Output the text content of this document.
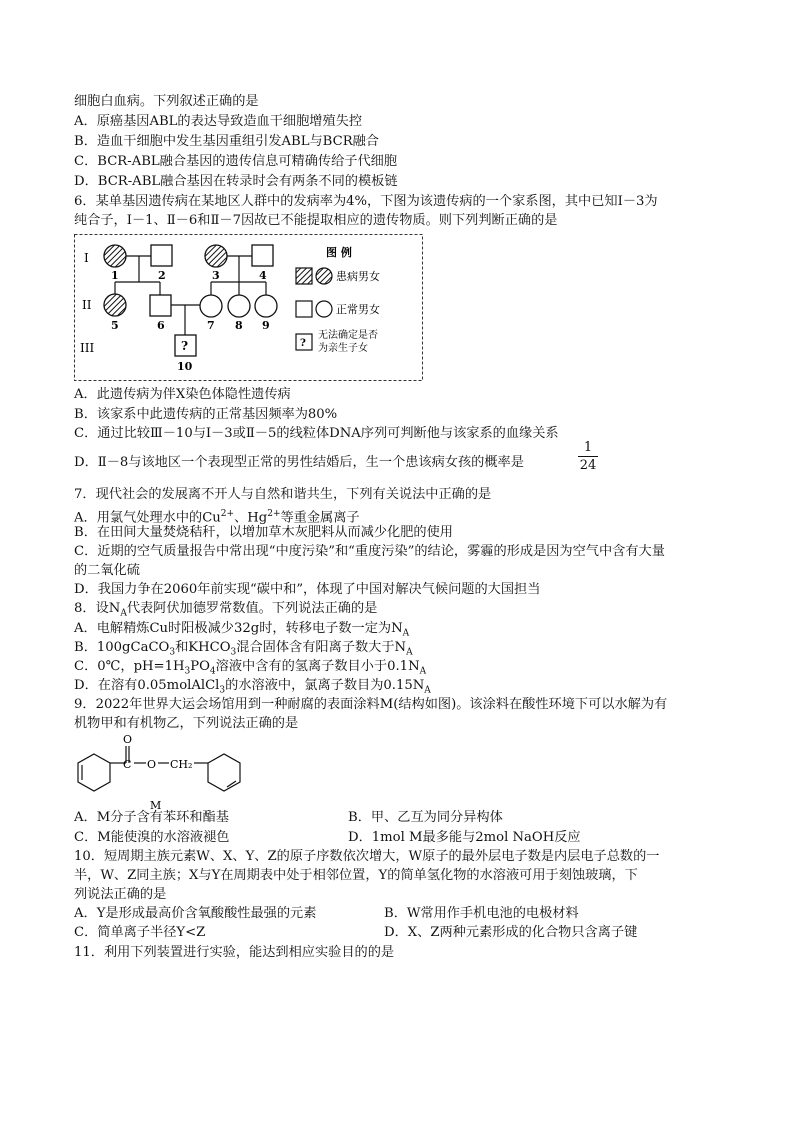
细胞白血病。下列叙述正确的是
A．原癌基因ABL的表达导致造血干细胞增殖失控
B．造血干细胞中发生基因重组引发ABL与BCR融合
C．BCR-ABL融合基因的遗传信息可精确传给子代细胞
D．BCR-ABL融合基因在转录时会有两条不同的模板链
6．某单基因遗传病在某地区人群中的发病率为4%，下图为该遗传病的一个家系图，其中已知Ⅰ－3为
纯合子，Ⅰ－1、Ⅱ－6和Ⅱ－7因故已不能提取相应的遗传物质。则下列判断正确的是
I
II
III
1	2	3	4
5	6	7 8 9
?
10
图 例
患病男女
正常男女
?
无法确定是否
为亲生子女
A．此遗传病为伴X染色体隐性遗传病
B．该家系中此遗传病的正常基因频率为80%
C．通过比较Ⅲ－10与Ⅰ－3或Ⅱ－5的线粒体DNA序列可判断他与该家系的血缘关系
D．Ⅱ－8与该地区一个表现型正常的男性结婚后，生一个患该病女孩的概率是	$\frac{1}{24}$
7．现代社会的发展离不开人与自然和谐共生，下列有关说法中正确的是
A．用氯气处理水中的$Cu^{2+}$、$Hg^{2+}$等重金属离子
B．在田间大量焚烧秸秆，以增加草木灰肥料从而减少化肥的使用
C．近期的空气质量报告中常出现“中度污染”和“重度污染”的结论，雾霾的形成是因为空气中含有大量
的二氧化硫
D．我国力争在2060年前实现“碳中和”，体现了中国对解决气候问题的大国担当
8．设$N_A$代表阿伏加德罗常数值。下列说法正确的是
A．电解精炼Cu时阳极减少32g时，转移电子数一定为$N_A$
B．100gCaCO$_3$和$KHCO_3$混合固体含有阳离子数大于$N_A$
C．0℃，$pH=1H_3PO_4$溶液中含有的氢离子数目小于$0.1N_A$
D．在溶有0.05molAlCl$_3$的水溶液中，氯离子数目为$0.15N_A$
9．2022年世界大运会场馆用到一种耐腐的表面涂料M(结构如图)。该涂料在酸性环境下可以水解为有
机物甲和有机物乙，下列说法正确的是
O
C O CH₂
M
A．M分子含有苯环和酯基	B．甲、乙互为同分异构体
C．M能使溴的水溶液褪色	D．1mol M最多能与2mol NaOH反应
10．短周期主族元素W、X、Y、Z的原子序数依次增大，W原子的最外层电子数是内层电子总数的一
半，W、Z同主族；X与Y在周期表中处于相邻位置，Y的简单氢化物的水溶液可用于刻蚀玻璃，下
列说法正确的是
A．Y是形成最高价含氧酸酸性最强的元素	B．W常用作手机电池的电极材料
C．简单离子半径Y<Z	D．X、Z两种元素形成的化合物只含离子键
11．利用下列装置进行实验，能达到相应实验目的的是
